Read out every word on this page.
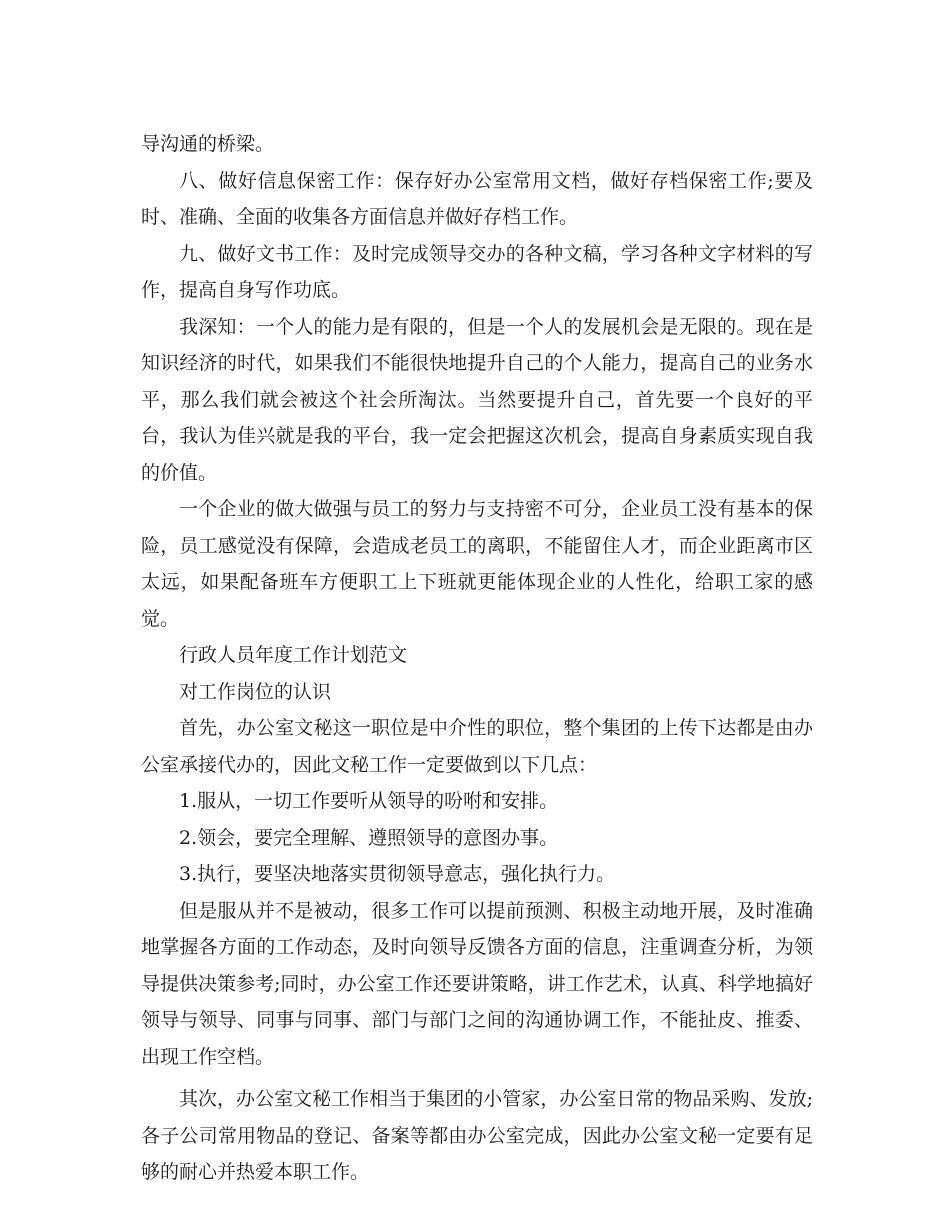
导沟通的桥梁。

八、做好信息保密工作：保存好办公室常用文档，做好存档保密工作;要及时、准确、全面的收集各方面信息并做好存档工作。

九、做好文书工作：及时完成领导交办的各种文稿，学习各种文字材料的写作，提高自身写作功底。

我深知：一个人的能力是有限的，但是一个人的发展机会是无限的。现在是知识经济的时代，如果我们不能很快地提升自己的个人能力，提高自己的业务水平，那么我们就会被这个社会所淘汰。当然要提升自己，首先要一个良好的平台，我认为佳兴就是我的平台，我一定会把握这次机会，提高自身素质实现自我的价值。

一个企业的做大做强与员工的努力与支持密不可分，企业员工没有基本的保险，员工感觉没有保障，会造成老员工的离职，不能留住人才，而企业距离市区太远，如果配备班车方便职工上下班就更能体现企业的人性化，给职工家的感觉。

行政人员年度工作计划范文

对工作岗位的认识

首先，办公室文秘这一职位是中介性的职位，整个集团的上传下达都是由办公室承接代办的，因此文秘工作一定要做到以下几点：

1.服从，一切工作要听从领导的吩咐和安排。

2.领会，要完全理解、遵照领导的意图办事。

3.执行，要坚决地落实贯彻领导意志，强化执行力。

但是服从并不是被动，很多工作可以提前预测、积极主动地开展，及时准确地掌握各方面的工作动态，及时向领导反馈各方面的信息，注重调查分析，为领导提供决策参考;同时，办公室工作还要讲策略，讲工作艺术，认真、科学地搞好领导与领导、同事与同事、部门与部门之间的沟通协调工作，不能扯皮、推委、出现工作空档。

其次，办公室文秘工作相当于集团的小管家，办公室日常的物品采购、发放;各子公司常用物品的登记、备案等都由办公室完成，因此办公室文秘一定要有足够的耐心并热爱本职工作。
